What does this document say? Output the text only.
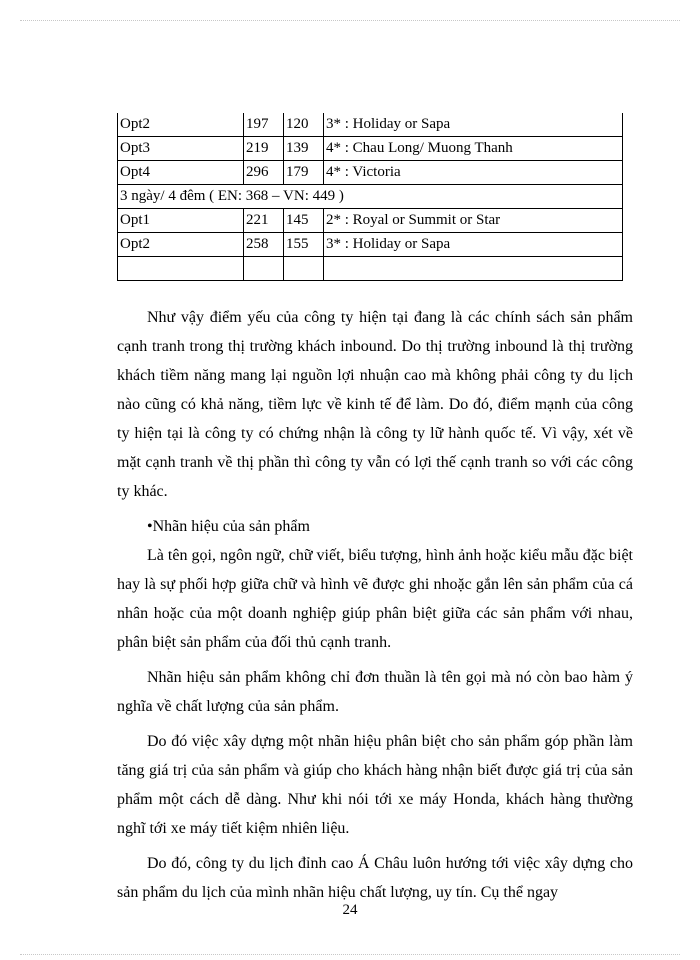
Opt2	197	120	3* : Holiday or Sapa
Opt3	219	139	4* : Chau Long/ Muong Thanh
Opt4	296	179	4* : Victoria
3 ngày/ 4 đêm ( EN: 368 – VN: 449 )			
Opt1	221	145	2* : Royal or Summit or Star
Opt2	258	155	3* : Holiday or Sapa

Như vậy điểm yếu của công ty hiện tại đang là các chính sách sản phẩm cạnh tranh trong thị trường khách inbound. Do thị trường inbound là thị trường khách tiềm năng mang lại nguồn lợi nhuận cao mà không phải công ty du lịch nào cũng có khả năng, tiềm lực về kinh tế để làm. Do đó, điểm mạnh của công ty hiện tại là công ty có chứng nhận là công ty lữ hành quốc tế. Vì vậy, xét về mặt cạnh tranh về thị phần thì công ty vẫn có lợi thế cạnh tranh so với các công ty khác.

•Nhãn hiệu của sản phẩm

Là tên gọi, ngôn ngữ, chữ viết, biểu tượng, hình ảnh hoặc kiểu mẫu đặc biệt hay là sự phối hợp giữa chữ và hình vẽ được ghi nhoặc gắn lên sản phẩm của cá nhân hoặc của một doanh nghiệp giúp phân biệt giữa các sản phẩm với nhau, phân biệt sản phẩm của đối thủ cạnh tranh.

Nhãn hiệu sản phẩm không chỉ đơn thuần là tên gọi mà nó còn bao hàm ý nghĩa về chất lượng của sản phẩm.

Do đó việc xây dựng một nhãn hiệu phân biệt cho sản phẩm góp phần làm tăng giá trị của sản phẩm và giúp cho khách hàng nhận biết được giá trị của sản phẩm một cách dễ dàng. Như khi nói tới xe máy Honda, khách hàng thường nghĩ tới xe máy tiết kiệm nhiên liệu.

Do đó, công ty du lịch đỉnh cao Á Châu luôn hướng tới việc xây dựng cho sản phẩm du lịch của mình nhãn hiệu chất lượng, uy tín. Cụ thể ngay

24
